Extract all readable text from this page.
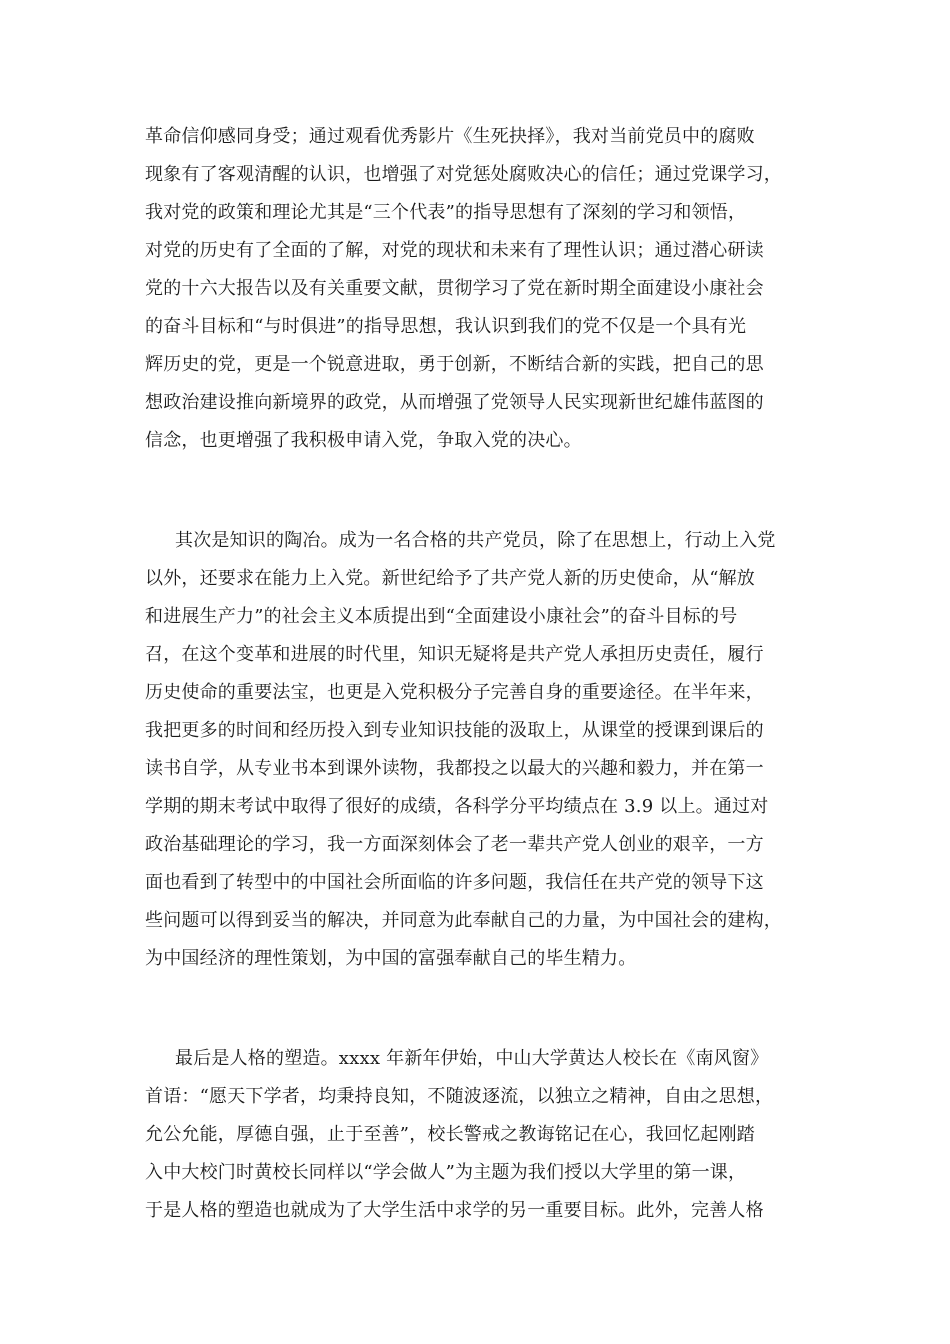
革命信仰感同身受；通过观看优秀影片《生死抉择》，我对当前党员中的腐败
现象有了客观清醒的认识，也增强了对党惩处腐败决心的信任；通过党课学习，
我对党的政策和理论尤其是“三个代表”的指导思想有了深刻的学习和领悟，
对党的历史有了全面的了解，对党的现状和未来有了理性认识；通过潜心研读
党的十六大报告以及有关重要文献，贯彻学习了党在新时期全面建设小康社会
的奋斗目标和“与时俱进”的指导思想，我认识到我们的党不仅是一个具有光
辉历史的党，更是一个锐意进取，勇于创新，不断结合新的实践，把自己的思
想政治建设推向新境界的政党，从而增强了党领导人民实现新世纪雄伟蓝图的
信念，也更增强了我积极申请入党，争取入党的决心。
其次是知识的陶冶。成为一名合格的共产党员，除了在思想上，行动上入党
以外，还要求在能力上入党。新世纪给予了共产党人新的历史使命，从“解放
和进展生产力”的社会主义本质提出到“全面建设小康社会”的奋斗目标的号
召，在这个变革和进展的时代里，知识无疑将是共产党人承担历史责任，履行
历史使命的重要法宝，也更是入党积极分子完善自身的重要途径。在半年来，
我把更多的时间和经历投入到专业知识技能的汲取上，从课堂的授课到课后的
读书自学，从专业书本到课外读物，我都投之以最大的兴趣和毅力，并在第一
学期的期末考试中取得了很好的成绩，各科学分平均绩点在 3.9 以上。通过对
政治基础理论的学习，我一方面深刻体会了老一辈共产党人创业的艰辛，一方
面也看到了转型中的中国社会所面临的许多问题，我信任在共产党的领导下这
些问题可以得到妥当的解决，并同意为此奉献自己的力量，为中国社会的建构，
为中国经济的理性策划，为中国的富强奉献自己的毕生精力。
最后是人格的塑造。xxxx 年新年伊始，中山大学黄达人校长在《南风窗》
首语：“愿天下学者，均秉持良知，不随波逐流，以独立之精神，自由之思想，
允公允能，厚德自强，止于至善”，校长警戒之教诲铭记在心，我回忆起刚踏
入中大校门时黄校长同样以“学会做人”为主题为我们授以大学里的第一课，
于是人格的塑造也就成为了大学生活中求学的另一重要目标。此外，完善人格
